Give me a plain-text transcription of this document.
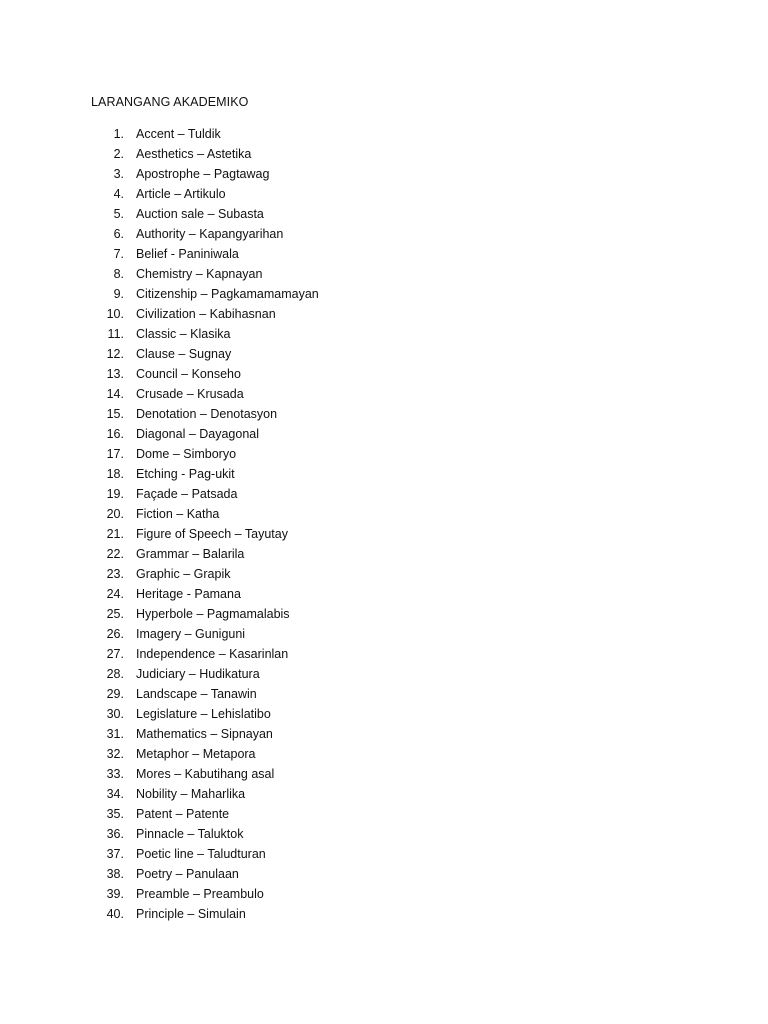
LARANGANG AKADEMIKO
1. Accent – Tuldik
2. Aesthetics – Astetika
3. Apostrophe – Pagtawag
4. Article – Artikulo
5. Auction sale – Subasta
6. Authority – Kapangyarihan
7. Belief - Paniniwala
8. Chemistry – Kapnayan
9. Citizenship – Pagkamamamayan
10. Civilization – Kabihasnan
11. Classic – Klasika
12. Clause – Sugnay
13. Council – Konseho
14. Crusade – Krusada
15. Denotation – Denotasyon
16. Diagonal – Dayagonal
17. Dome – Simboryo
18. Etching - Pag-ukit
19. Façade – Patsada
20. Fiction – Katha
21. Figure of Speech – Tayutay
22. Grammar – Balarila
23. Graphic – Grapik
24. Heritage - Pamana
25. Hyperbole – Pagmamalabis
26. Imagery – Guniguni
27. Independence – Kasarinlan
28. Judiciary – Hudikatura
29. Landscape – Tanawin
30. Legislature – Lehislatibo
31. Mathematics – Sipnayan
32. Metaphor – Metapora
33. Mores – Kabutihang asal
34. Nobility – Maharlika
35. Patent – Patente
36. Pinnacle – Taluktok
37. Poetic line – Taludturan
38. Poetry – Panulaan
39. Preamble – Preambulo
40. Principle – Simulain
